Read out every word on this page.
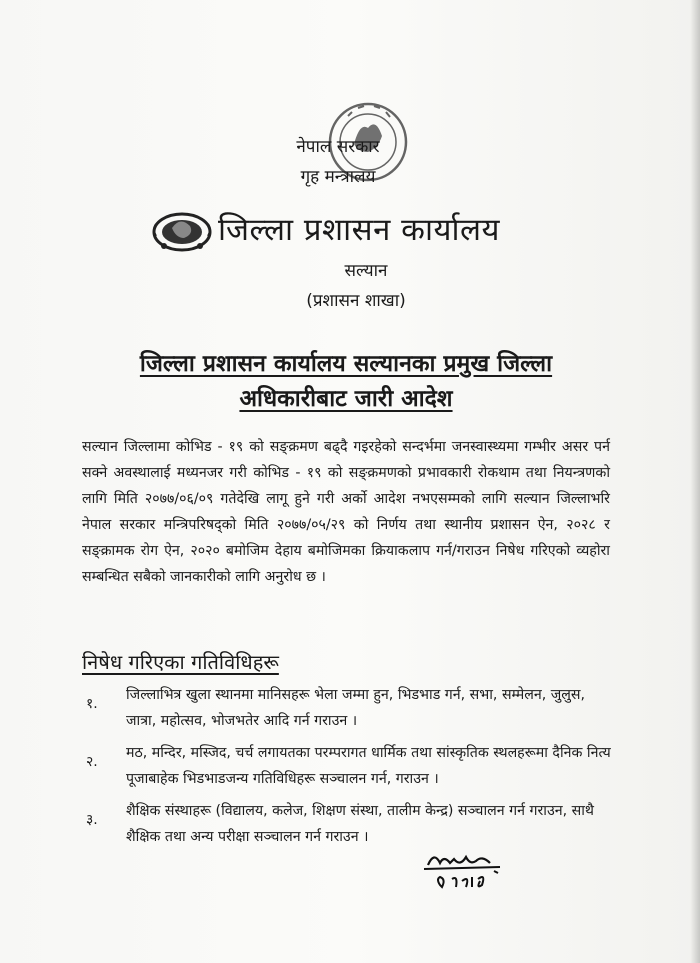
नेपाल सरकार
गृह मन्त्रालय
जिल्ला प्रशासन कार्यालय
सल्यान
(प्रशासन शाखा)
जिल्ला प्रशासन कार्यालय सल्यानका प्रमुख जिल्ला
अधिकारीबाट जारी आदेश
सल्यान जिल्लामा कोभिड - १९ को सङ्क्रमण बढ्दै गइरहेको सन्दर्भमा जनस्वास्थ्यमा गम्भीर असर पर्न सक्ने अवस्थालाई मध्यनजर गरी कोभिड - १९ को सङ्क्रमणको प्रभावकारी रोकथाम तथा नियन्त्रणको लागि मिति २०७७/०६/०९ गतेदेखि लागू हुने गरी अर्को आदेश नभएसम्मको लागि सल्यान जिल्लाभरि नेपाल सरकार मन्त्रिपरिषद्को मिति २०७७/०५/२९ को निर्णय तथा स्थानीय प्रशासन ऐन, २०२८ र सङ्क्रामक रोग ऐन, २०२० बमोजिम देहाय बमोजिमका क्रियाकलाप गर्न/गराउन निषेध गरिएको व्यहोरा सम्बन्धित सबैको जानकारीको लागि अनुरोध छ ।
निषेध गरिएका गतिविधिहरू
१.
जिल्लाभित्र खुला स्थानमा मानिसहरू भेला जम्मा हुन, भिडभाड गर्न, सभा, सम्मेलन, जुलुस, जात्रा, महोत्सव, भोजभतेर आदि गर्न गराउन ।
२.
मठ, मन्दिर, मस्जिद, चर्च लगायतका परम्परागत धार्मिक तथा सांस्कृतिक स्थलहरूमा दैनिक नित्य पूजाबाहेक भिडभाडजन्य गतिविधिहरू सञ्चालन गर्न, गराउन ।
३.
शैक्षिक संस्थाहरू (विद्यालय, कलेज, शिक्षण संस्था, तालीम केन्द्र) सञ्चालन गर्न गराउन, साथै शैक्षिक तथा अन्य परीक्षा सञ्चालन गर्न गराउन ।
